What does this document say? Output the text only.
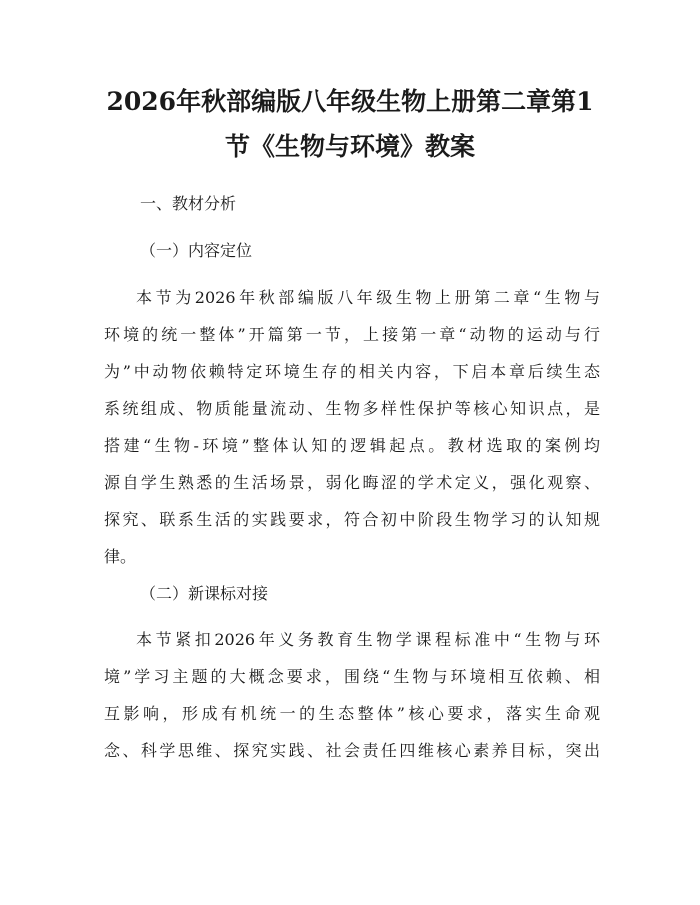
2026年秋部编版八年级生物上册第二章第1
节《生物与环境》教案

一、教材分析

（一）内容定位

本节为2026年秋部编版八年级生物上册第二章“生物与
环境的统一整体”开篇第一节，上接第一章“动物的运动与行
为”中动物依赖特定环境生存的相关内容，下启本章后续生态
系统组成、物质能量流动、生物多样性保护等核心知识点，是
搭建“生物-环境”整体认知的逻辑起点。教材选取的案例均
源自学生熟悉的生活场景，弱化晦涩的学术定义，强化观察、
探究、联系生活的实践要求，符合初中阶段生物学习的认知规
律。

（二）新课标对接

本节紧扣2026年义务教育生物学课程标准中“生物与环
境”学习主题的大概念要求，围绕“生物与环境相互依赖、相
互影响，形成有机统一的生态整体”核心要求，落实生命观
念、科学思维、探究实践、社会责任四维核心素养目标，突出
